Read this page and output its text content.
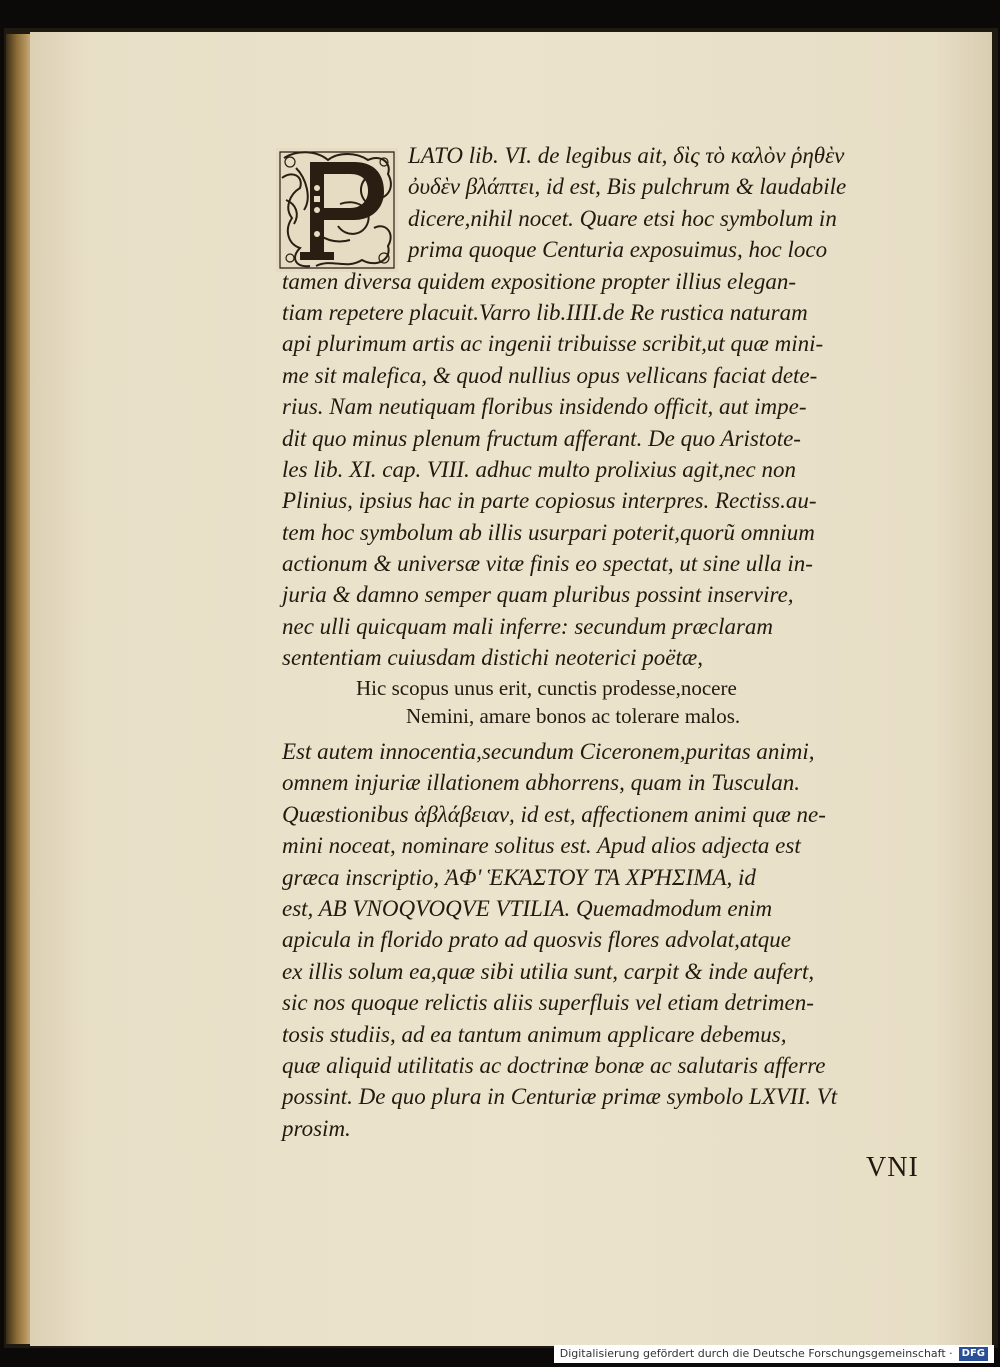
LATO lib. VI. de legibus ait, δὶς τὸ καλὸν ῥηθὲν
ὀυδὲν βλάπτει, id est, Bis pulchrum & laudabile
dicere,nihil nocet. Quare etsi hoc symbolum in
prima quoque Centuria exposuimus, hoc loco
tamen diversa quidem expositione propter illius elegan-
tiam repetere placuit.Varro lib.IIII.de Re rustica naturam
api plurimum artis ac ingenii tribuisse scribit,ut quæ mini-
me sit malefica, & quod nullius opus vellicans faciat dete-
rius. Nam neutiquam floribus insidendo officit, aut impe-
dit quo minus plenum fructum afferant. De quo Aristote-
les lib. XI. cap. VIII. adhuc multo prolixius agit,nec non
Plinius, ipsius hac in parte copiosus interpres. Rectiss.au-
tem hoc symbolum ab illis usurpari poterit,quorũ omnium
actionum & universæ vitæ finis eo spectat, ut sine ulla in-
juria & damno semper quam pluribus possint inservire,
nec ulli quicquam mali inferre: secundum præclaram
sententiam cuiusdam distichi neoterici poëtæ,
Hic scopus unus erit, cunctis prodesse,nocere
Nemini, amare bonos ac tolerare malos.
Est autem innocentia,secundum Ciceronem,puritas animi,
omnem injuriæ illationem abhorrens, quam in Tusculan.
Quæstionibus ἀβλάβειαν, id est, affectionem animi quæ ne-
mini noceat, nominare solitus est. Apud alios adjecta est
græca inscriptio, ἈΦ' ἙΚΆΣΤΟΥ ΤᾺ ΧΡΉΣΙΜΑ, id
est, AB VNOQVOQVE VTILIA. Quemadmodum enim
apicula in florido prato ad quosvis flores advolat,atque
ex illis solum ea,quæ sibi utilia sunt, carpit & inde aufert,
sic nos quoque relictis aliis superfluis vel etiam detrimen-
tosis studiis, ad ea tantum animum applicare debemus,
quæ aliquid utilitatis ac doctrinæ bonæ ac salutaris afferre
possint. De quo plura in Centuriæ primæ symbolo LXVII. Vt
prosim.
VNI
Digitalisierung gefördert durch die Deutsche Forschungsgemeinschaft · DFG
